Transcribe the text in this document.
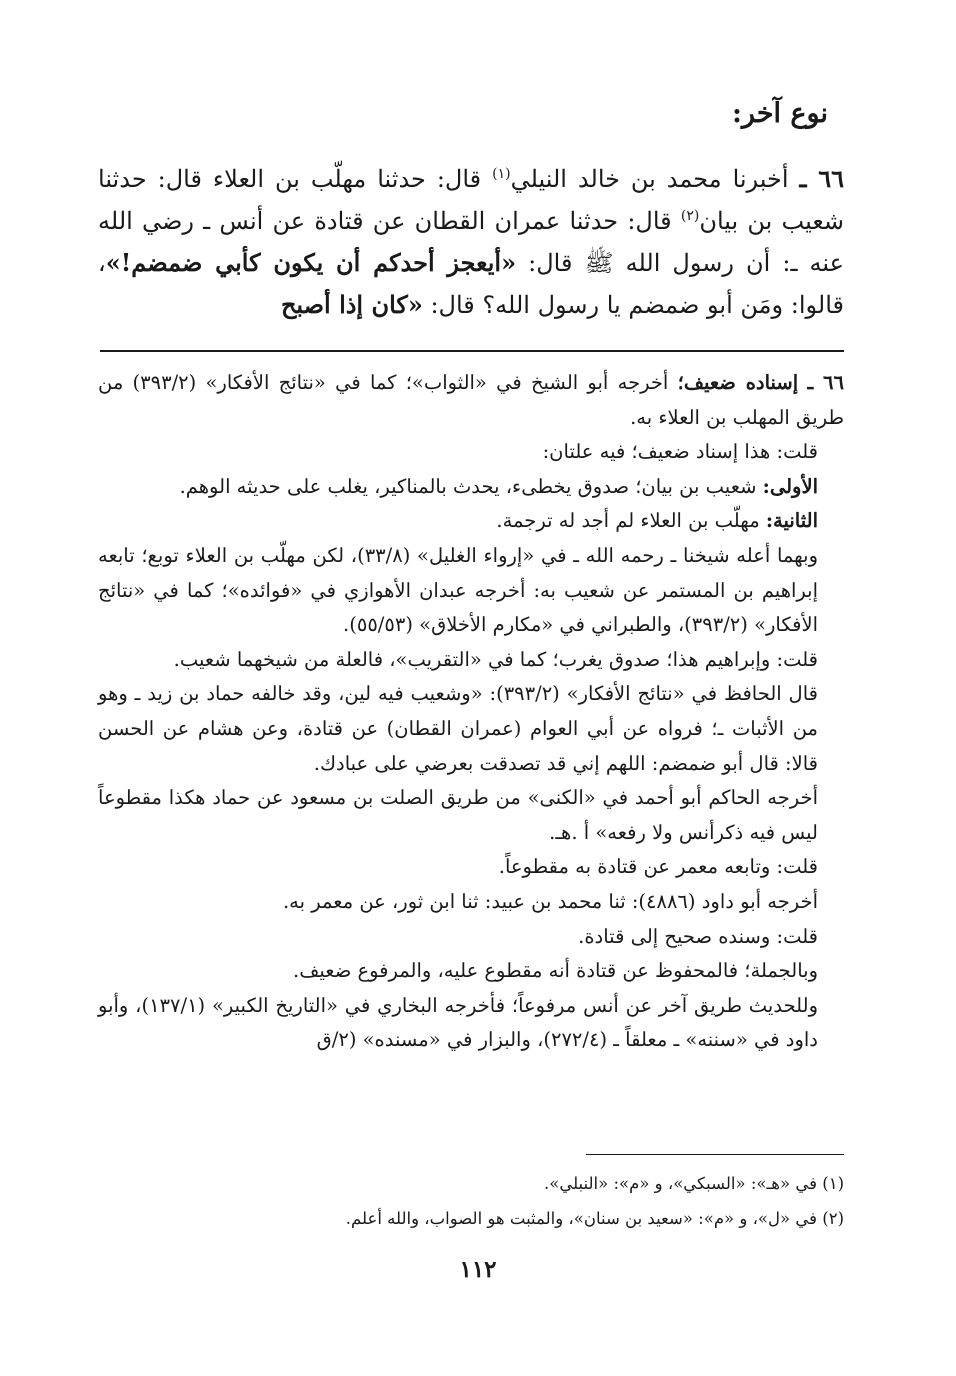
نوع آخر:

٦٦ ـ أخبرنا محمد بن خالد النيلي$^{(١)}$ قال: حدثنا مهلّب بن العلاء قال: حدثنا شعيب بن بيان$^{(٢)}$ قال: حدثنا عمران القطان عن قتادة عن أنس ـ رضي الله عنه ـ: أن رسول الله ﷺ قال: «أيعجز أحدكم أن يكون كأبي ضمضم!»، قالوا: ومَن أبو ضمضم يا رسول الله؟ قال: «كان إذا أصبح

٦٦ ـ إسناده ضعيف؛ أخرجه أبو الشيخ في «الثواب»؛ كما في «نتائج الأفكار» (٣٩٣/٢) من طريق المهلب بن العلاء به.

قلت: هذا إسناد ضعيف؛ فيه علتان:

الأولى: شعيب بن بيان؛ صدوق يخطىء، يحدث بالمناكير، يغلب على حديثه الوهم.

الثانية: مهلّب بن العلاء لم أجد له ترجمة.

وبهما أعله شيخنا ـ رحمه الله ـ في «إرواء الغليل» (٣٣/٨)، لكن مهلّب بن العلاء توبع؛ تابعه إبراهيم بن المستمر عن شعيب به: أخرجه عبدان الأهوازي في «فوائده»؛ كما في «نتائج الأفكار» (٣٩٣/٢)، والطبراني في «مكارم الأخلاق» (٥٥/٥٣).

قلت: وإبراهيم هذا؛ صدوق يغرب؛ كما في «التقريب»، فالعلة من شيخهما شعيب.

قال الحافظ في «نتائج الأفكار» (٣٩٣/٢): «وشعيب فيه لين، وقد خالفه حماد بن زيد ـ وهو من الأثبات ـ؛ فرواه عن أبي العوام (عمران القطان) عن قتادة، وعن هشام عن الحسن قالا: قال أبو ضمضم: اللهم إني قد تصدقت بعرضي على عبادك.

أخرجه الحاكم أبو أحمد في «الكنى» من طريق الصلت بن مسعود عن حماد هكذا مقطوعاً ليس فيه ذكرأنس ولا رفعه» أ .هـ.

قلت: وتابعه معمر عن قتادة به مقطوعاً.

أخرجه أبو داود (٤٨٨٦): ثنا محمد بن عبيد: ثنا ابن ثور، عن معمر به.

قلت: وسنده صحيح إلى قتادة.

وبالجملة؛ فالمحفوظ عن قتادة أنه مقطوع عليه، والمرفوع ضعيف.

وللحديث طريق آخر عن أنس مرفوعاً؛ فأخرجه البخاري في «التاريخ الكبير» (١٣٧/١)، وأبو داود في «سننه» ـ معلقاً ـ (٢٧٢/٤)، والبزار في «مسنده» (٢/ق

(١) في «هـ»: «السبكي»، و «م»: «النبلي».

(٢) في «ل»، و «م»: «سعيد بن سنان»، والمثبت هو الصواب، والله أعلم.

١١٢
